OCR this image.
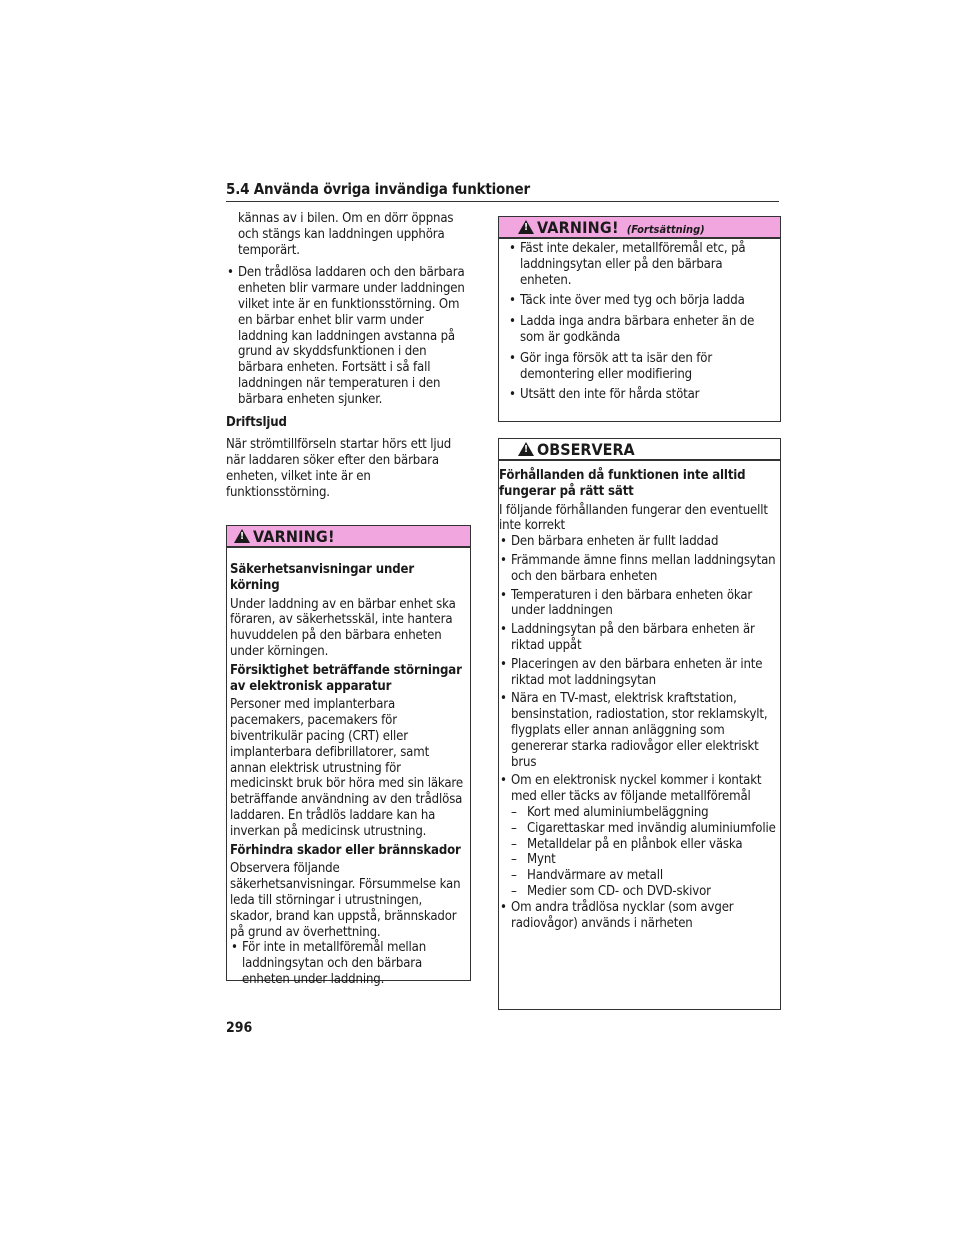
5.4 Använda övriga invändiga funktioner

kännas av i bilen. Om en dörr öppnas och stängs kan laddningen upphöra temporärt.

• Den trådlösa laddaren och den bärbara enheten blir varmare under laddningen vilket inte är en funktionsstörning. Om en bärbar enhet blir varm under laddning kan laddningen avstanna på grund av skyddsfunktionen i den bärbara enheten. Fortsätt i så fall laddningen när temperaturen i den bärbara enheten sjunker.

Driftsljud

När strömtillförseln startar hörs ett ljud när laddaren söker efter den bärbara enheten, vilket inte är en funktionsstörning.

!VARNING!

Säkerhetsanvisningar under körning

Under laddning av en bärbar enhet ska föraren, av säkerhetsskäl, inte hantera huvuddelen på den bärbara enheten under körningen.

Försiktighet beträffande störningar av elektronisk apparatur

Personer med implanterbara pacemakers, pacemakers för biventrikulär pacing (CRT) eller implanterbara defibrillatorer, samt annan elektrisk utrustning för medicinskt bruk bör höra med sin läkare beträffande användning av den trådlösa laddaren. En trådlös laddare kan ha inverkan på medicinsk utrustning.

Förhindra skador eller brännskador

Observera följande säkerhetsanvisningar. Försummelse kan leda till störningar i utrustningen, skador, brand kan uppstå, brännskador på grund av överhettning.

• För inte in metallföremål mellan laddningsytan och den bärbara enheten under laddning.
!VARNING! (Fortsättning)
• Fäst inte dekaler, metallföremål etc, på laddningsytan eller på den bärbara enheten.
• Täck inte över med tyg och börja ladda
• Ladda inga andra bärbara enheter än de som är godkända
• Gör inga försök att ta isär den för demontering eller modifiering
• Utsätt den inte för hårda stötar
!OBSERVERA

Förhållanden då funktionen inte alltid fungerar på rätt sätt

I följande förhållanden fungerar den eventuellt inte korrekt

• Den bärbara enheten är fullt laddad
• Främmande ämne finns mellan laddningsytan och den bärbara enheten
• Temperaturen i den bärbara enheten ökar under laddningen
• Laddningsytan på den bärbara enheten är riktad uppåt
• Placeringen av den bärbara enheten är inte riktad mot laddningsytan
• Nära en TV-mast, elektrisk kraftstation, bensinstation, radiostation, stor reklamskylt, flygplats eller annan anläggning som genererar starka radiovågor eller elektriskt brus
• Om en elektronisk nyckel kommer i kontakt med eller täcks av följande metallföremål
– Kort med aluminiumbeläggning
– Cigarettaskar med invändig aluminiumfolie
– Metalldelar på en plånbok eller väska
– Mynt
– Handvärmare av metall
– Medier som CD- och DVD-skivor
• Om andra trådlösa nycklar (som avger radiovågor) används i närheten
296
